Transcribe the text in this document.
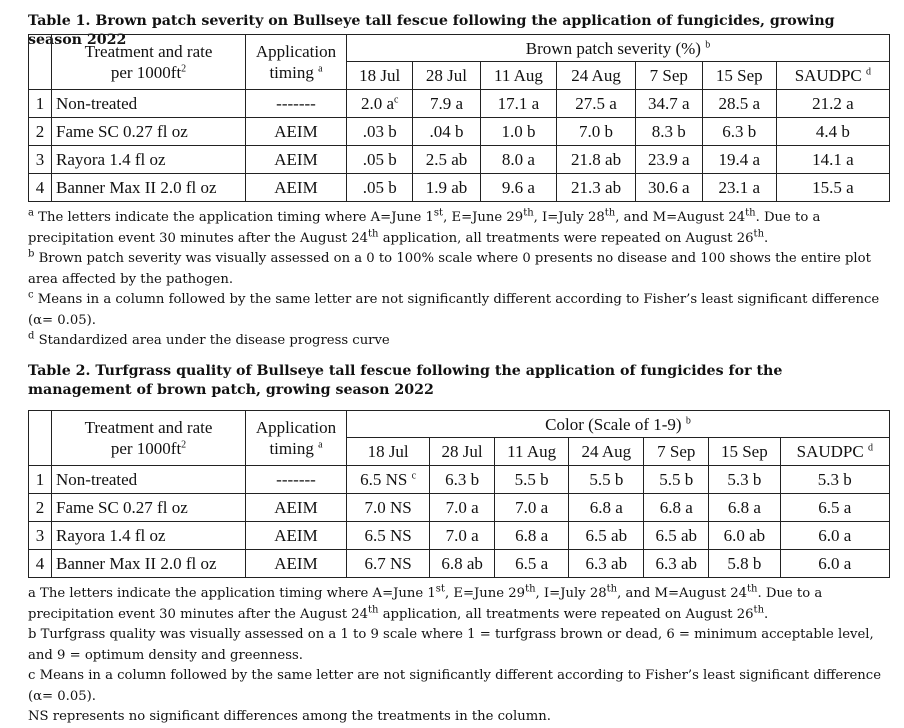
Table 1. Brown patch severity on Bullseye tall fescue following the application of fungicides, growing season 2022
	Treatment and rate
per $1000ft^2$	Application
timing $^a$	Brown patch severity (%) $^b$
			18 Jul	28 Jul	11 Aug	24 Aug	7 Sep	15 Sep	SAUDPC $^d$
1	Non-treated	-------	2.0 $a^c$	7.9 a	17.1 a	27.5 a	34.7 a	28.5 a	21.2 a
2	Fame SC 0.27 fl oz	AEIM	.03 b	.04 b	1.0 b	7.0 b	8.3 b	6.3 b	4.4 b
3	Rayora 1.4 fl oz	AEIM	.05 b	2.5 ab	8.0 a	21.8 ab	23.9 a	19.4 a	14.1 a
4	Banner Max II 2.0 fl oz	AEIM	.05 b	1.9 ab	9.6 a	21.3 ab	30.6 a	23.1 a	15.5 a
$^a$ The letters indicate the application timing where A=June 1st, E=June 29th, I=July 28th, and M=August 24th. Due to a precipitation event 30 minutes after the August 24th application, all treatments were repeated on August 26th.
$^b$ Brown patch severity was visually assessed on a 0 to 100% scale where 0 presents no disease and 100 shows the entire plot area affected by the pathogen.
$^c$ Means in a column followed by the same letter are not significantly different according to Fisher’s least significant difference (α= 0.05).
$^d$ Standardized area under the disease progress curve
Table 2. Turfgrass quality of Bullseye tall fescue following the application of fungicides for the management of brown patch, growing season 2022
	Treatment and rate
per $1000ft^2$	Application
timing $^a$	Color (Scale of 1-9) $^b$
			18 Jul	28 Jul	11 Aug	24 Aug	7 Sep	15 Sep	SAUDPC $^d$
1	Non-treated	-------	6.5 NS $^c$	6.3 b	5.5 b	5.5 b	5.5 b	5.3 b	5.3 b
2	Fame SC 0.27 fl oz	AEIM	7.0 NS	7.0 a	7.0 a	6.8 a	6.8 a	6.8 a	6.5 a
3	Rayora 1.4 fl oz	AEIM	6.5 NS	7.0 a	6.8 a	6.5 ab	6.5 ab	6.0 ab	6.0 a
4	Banner Max II 2.0 fl oz	AEIM	6.7 NS	6.8 ab	6.5 a	6.3 ab	6.3 ab	5.8 b	6.0 a
a The letters indicate the application timing where A=June 1st, E=June 29th, I=July 28th, and M=August 24th. Due to a precipitation event 30 minutes after the August 24th application, all treatments were repeated on August 26th.
b Turfgrass quality was visually assessed on a 1 to 9 scale where 1 = turfgrass brown or dead, 6 = minimum acceptable level, and 9 = optimum density and greenness.
c Means in a column followed by the same letter are not significantly different according to Fisher’s least significant difference (α= 0.05).
NS represents no significant differences among the treatments in the column.
